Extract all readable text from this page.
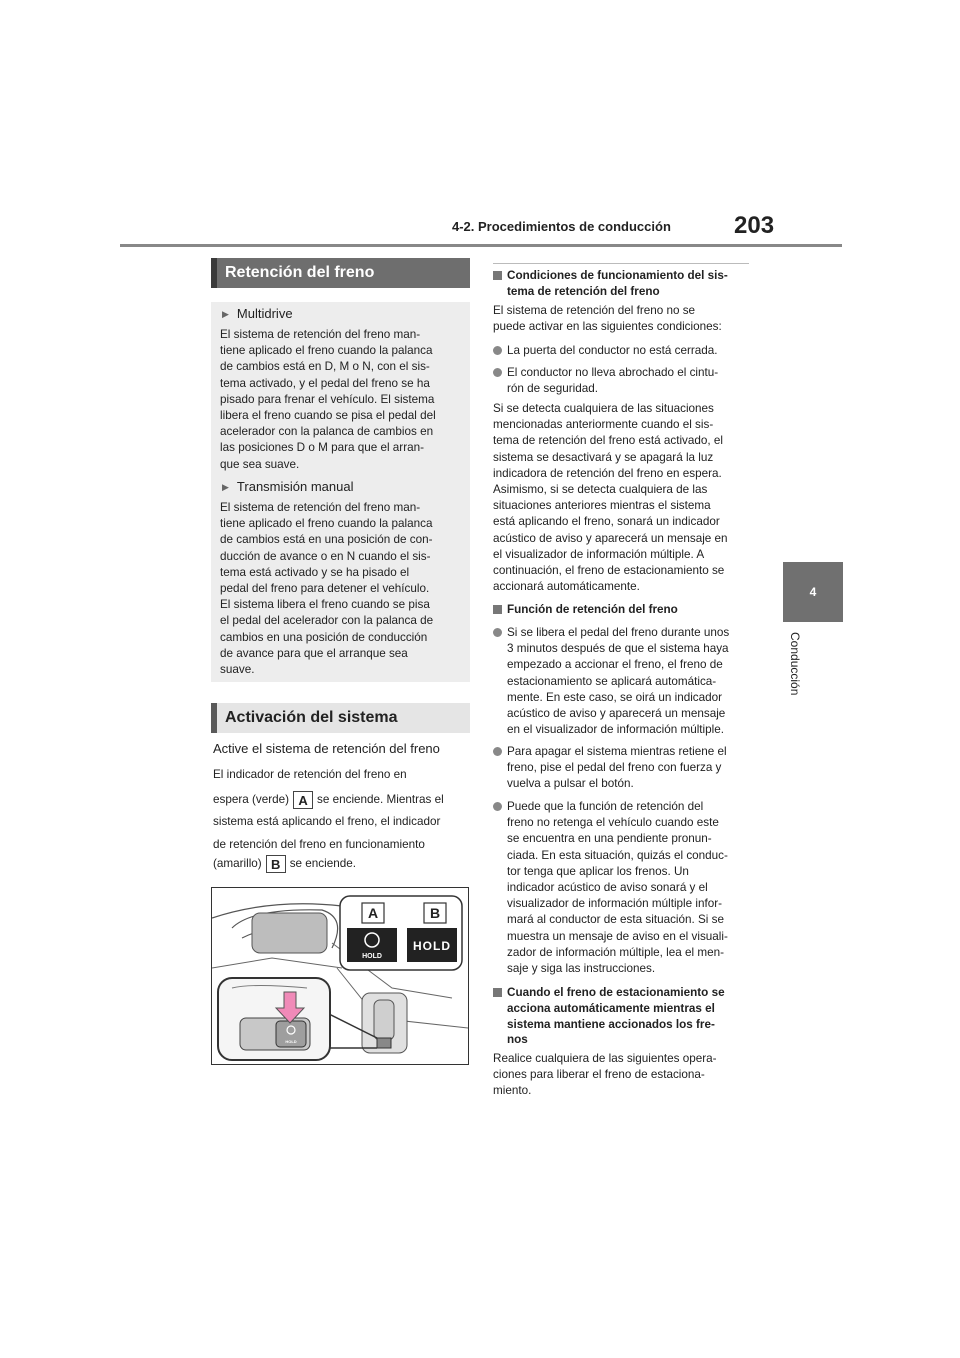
203
4-2. Procedimientos de conducción
4
Conducción
Retención del freno
▶ Multidrive
El sistema de retención del freno man-
tiene aplicado el freno cuando la palanca
de cambios está en D, M o N, con el sis-
tema activado, y el pedal del freno se ha
pisado para frenar el vehículo. El sistema
libera el freno cuando se pisa el pedal del
acelerador con la palanca de cambios en
las posiciones D o M para que el arran-
que sea suave.
▶ Transmisión manual
El sistema de retención del freno man-
tiene aplicado el freno cuando la palanca
de cambios está en una posición de con-
ducción de avance o en N cuando el sis-
tema está activado y se ha pisado el
pedal del freno para detener el vehículo.
El sistema libera el freno cuando se pisa
el pedal del acelerador con la palanca de
cambios en una posición de conducción
de avance para que el arranque sea
suave.
Activación del sistema
Active el sistema de retención del freno
El indicador de retención del freno en
espera (verde) A se enciende. Mientras el
sistema está aplicando el freno, el indicador
de retención del freno en funcionamiento
(amarillo) B se enciende.
A	B
HOLD
HOLD
HOLD
Condiciones de funcionamiento del sis-
tema de retención del freno
El sistema de retención del freno no se
puede activar en las siguientes condiciones:
La puerta del conductor no está cerrada.
El conductor no lleva abrochado el cintu-
rón de seguridad.
Si se detecta cualquiera de las situaciones
mencionadas anteriormente cuando el sis-
tema de retención del freno está activado, el
sistema se desactivará y se apagará la luz
indicadora de retención del freno en espera.
Asimismo, si se detecta cualquiera de las
situaciones anteriores mientras el sistema
está aplicando el freno, sonará un indicador
acústico de aviso y aparecerá un mensaje en
el visualizador de información múltiple. A
continuación, el freno de estacionamiento se
accionará automáticamente.
Función de retención del freno
Si se libera el pedal del freno durante unos
3 minutos después de que el sistema haya
empezado a accionar el freno, el freno de
estacionamiento se aplicará automática-
mente. En este caso, se oirá un indicador
acústico de aviso y aparecerá un mensaje
en el visualizador de información múltiple.
Para apagar el sistema mientras retiene el
freno, pise el pedal del freno con fuerza y
vuelva a pulsar el botón.
Puede que la función de retención del
freno no retenga el vehículo cuando este
se encuentra en una pendiente pronun-
ciada. En esta situación, quizás el conduc-
tor tenga que aplicar los frenos. Un
indicador acústico de aviso sonará y el
visualizador de información múltiple infor-
mará al conductor de esta situación. Si se
muestra un mensaje de aviso en el visuali-
zador de información múltiple, lea el men-
saje y siga las instrucciones.
Cuando el freno de estacionamiento se
acciona automáticamente mientras el
sistema mantiene accionados los fre-
nos
Realice cualquiera de las siguientes opera-
ciones para liberar el freno de estaciona-
miento.
